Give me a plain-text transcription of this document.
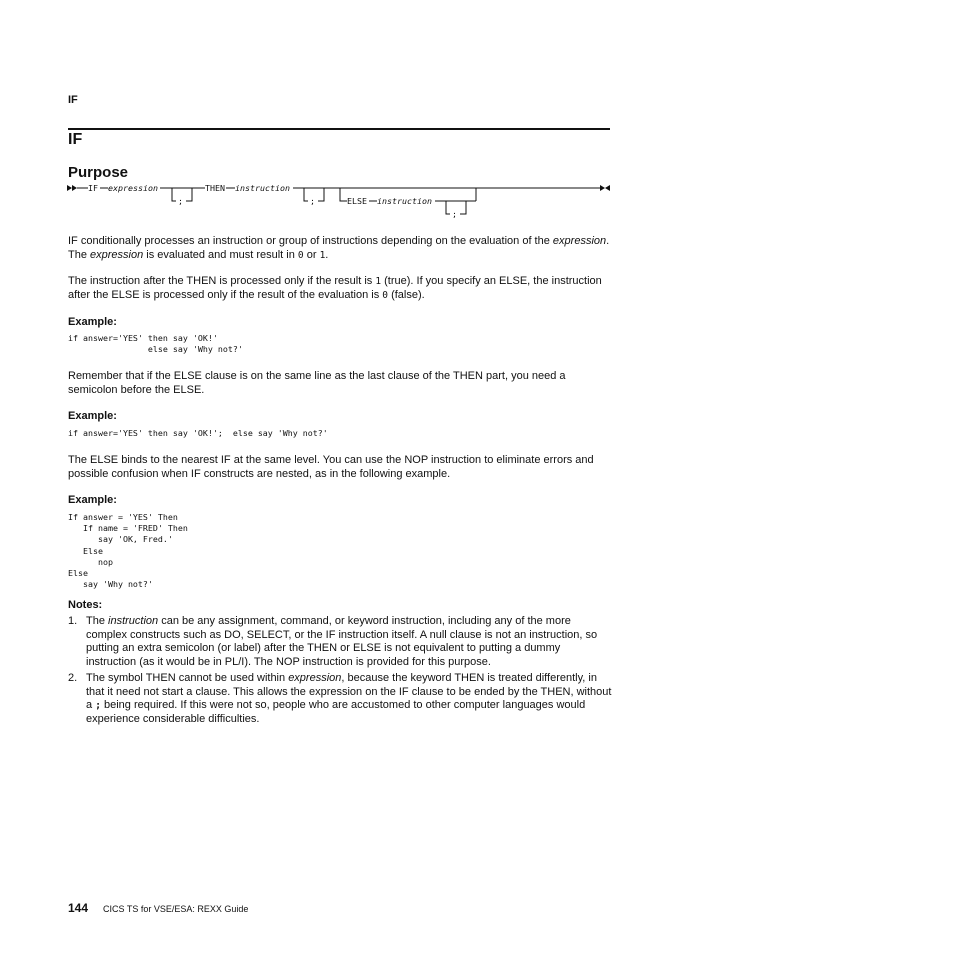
IF
IF
Purpose
IF expression
;
THEN instruction
;	ELSE instruction
;
IF conditionally processes an instruction or group of instructions depending on the evaluation of the expression. The expression is evaluated and must result in 0 or 1.
The instruction after the THEN is processed only if the result is 1 (true). If you specify an ELSE, the instruction after the ELSE is processed only if the result of the evaluation is 0 (false).
Example:
if answer='YES' then say 'OK!'
else say 'Why not?'
Remember that if the ELSE clause is on the same line as the last clause of the THEN part, you need a semicolon before the ELSE.
Example:
if answer='YES' then say 'OK!';  else say 'Why not?'
The ELSE binds to the nearest IF at the same level. You can use the NOP instruction to eliminate errors and possible confusion when IF constructs are nested, as in the following example.
Example:
If answer = 'YES' Then
If name = 'FRED' Then
say 'OK, Fred.'
Else
nop
Else
say 'Why not?'
Notes:
1. The instruction can be any assignment, command, or keyword instruction, including any of the more complex constructs such as DO, SELECT, or the IF instruction itself. A null clause is not an instruction, so putting an extra semicolon (or label) after the THEN or ELSE is not equivalent to putting a dummy instruction (as it would be in PL/I). The NOP instruction is provided for this purpose.
2. The symbol THEN cannot be used within expression, because the keyword THEN is treated differently, in that it need not start a clause. This allows the expression on the IF clause to be ended by the THEN, without a ; being required. If this were not so, people who are accustomed to other computer languages would experience considerable difficulties.
144 CICS TS for VSE/ESA: REXX Guide
